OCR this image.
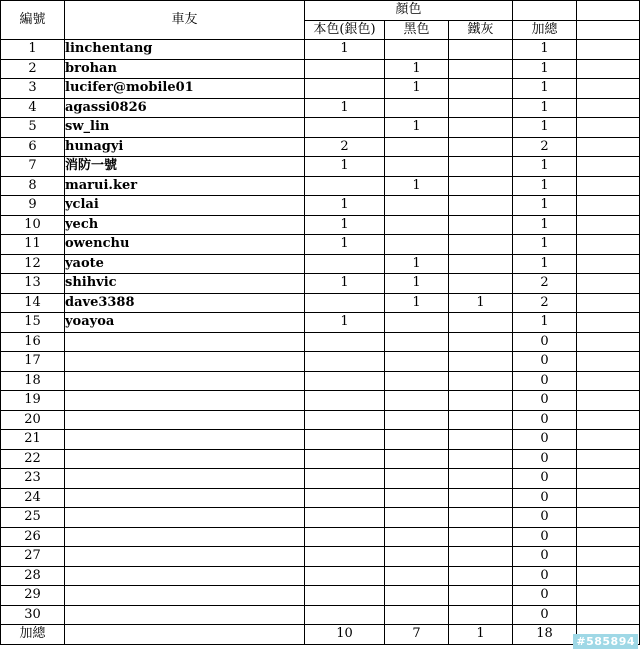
編號	車友	顏色				
		本色(銀色)	黑色	鐵灰	加總	
1	linchentang	1			1	
2	brohan		1		1	
3	lucifer@mobile01		1		1	
4	agassi0826	1			1	
5	sw_lin		1		1	
6	hunagyi	2			2	
7	消防一號	1			1	
8	marui.ker		1		1	
9	yclai	1			1	
10	yech	1			1	
11	owenchu	1			1	
12	yaote		1		1	
13	shihvic	1	1		2	
14	dave3388		1	1	2	
15	yoayoa	1			1	
16					0	
17					0	
18					0	
19					0	
20					0	
21					0	
22					0	
23					0	
24					0	
25					0	
26					0	
27					0	
28					0	
29					0	
30					0	
加總		10	7	1	18	
#585894
